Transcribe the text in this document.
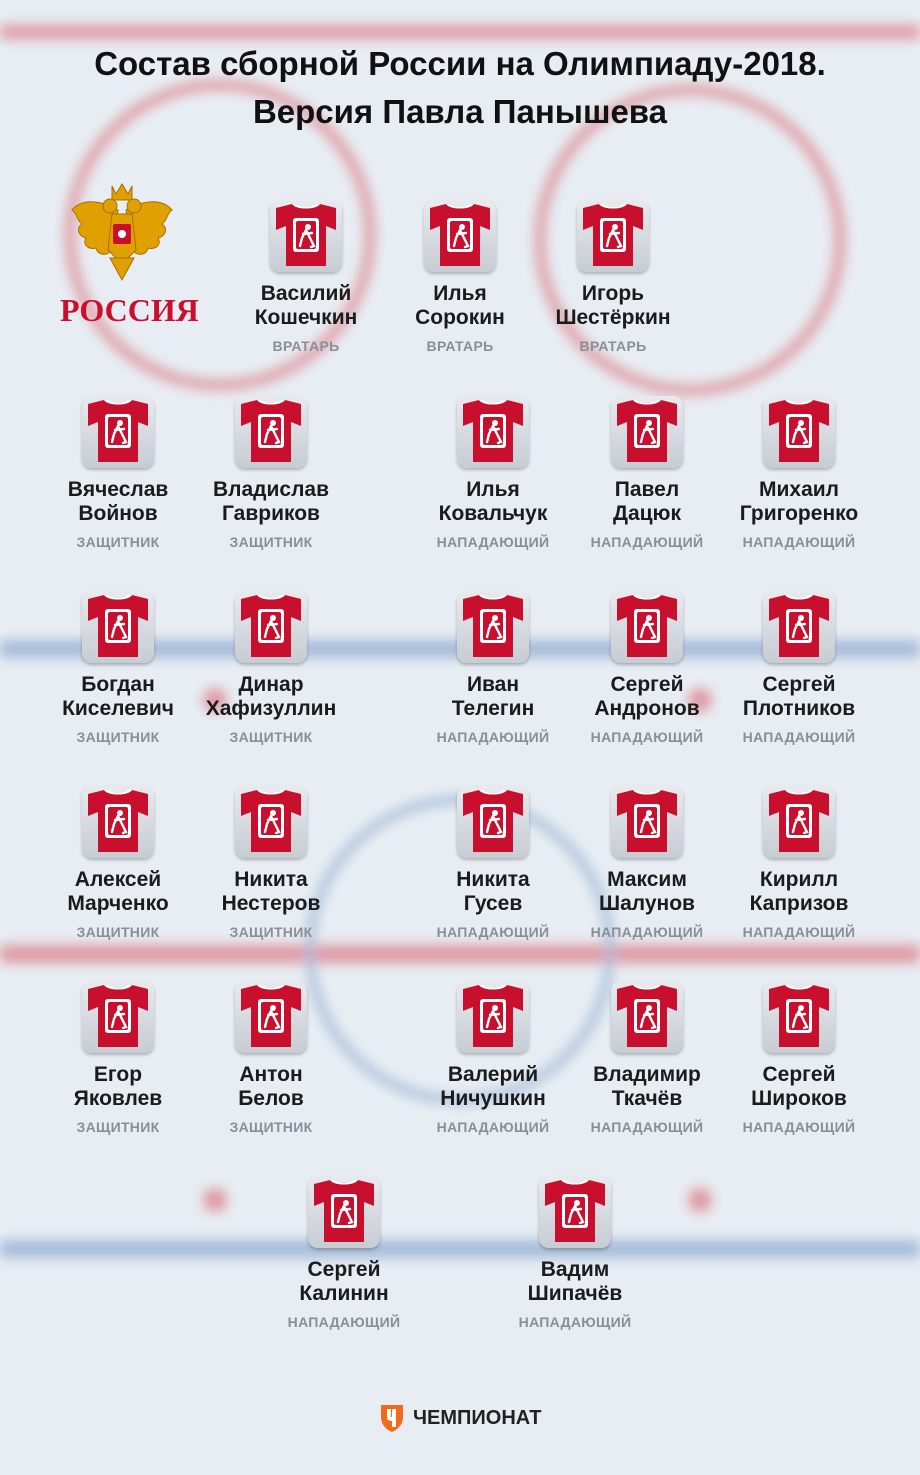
Состав сборной России на Олимпиаду-2018.
Версия Павла Панышева
РОССИЯ	Василий
Кошечкин
ВРАТАРЬ
Илья
Сорокин
ВРАТАРЬ
Игорь
Шестёркин
ВРАТАРЬ
Вячеслав
Войнов
ЗАЩИТНИК
Владислав
Гавриков
ЗАЩИТНИК
Илья
Ковальчук
НАПАДАЮЩИЙ
Павел
Дацюк
НАПАДАЮЩИЙ
Михаил
Григоренко
НАПАДАЮЩИЙ
Богдан
Киселевич
ЗАЩИТНИК
Динар
Хафизуллин
ЗАЩИТНИК
Иван
Телегин
НАПАДАЮЩИЙ
Сергей
Андронов
НАПАДАЮЩИЙ
Сергей
Плотников
НАПАДАЮЩИЙ
Алексей
Марченко
ЗАЩИТНИК
Никита
Нестеров
ЗАЩИТНИК
Никита
Гусев
НАПАДАЮЩИЙ
Максим
Шалунов
НАПАДАЮЩИЙ
Кирилл
Капризов
НАПАДАЮЩИЙ
Егор
Яковлев
ЗАЩИТНИК
Антон
Белов
ЗАЩИТНИК
Валерий
Ничушкин
НАПАДАЮЩИЙ
Владимир
Ткачёв
НАПАДАЮЩИЙ
Сергей
Широков
НАПАДАЮЩИЙ
Сергей
Калинин
НАПАДАЮЩИЙ
Вадим
Шипачёв
НАПАДАЮЩИЙ
ЧЕМПИОНАТ
